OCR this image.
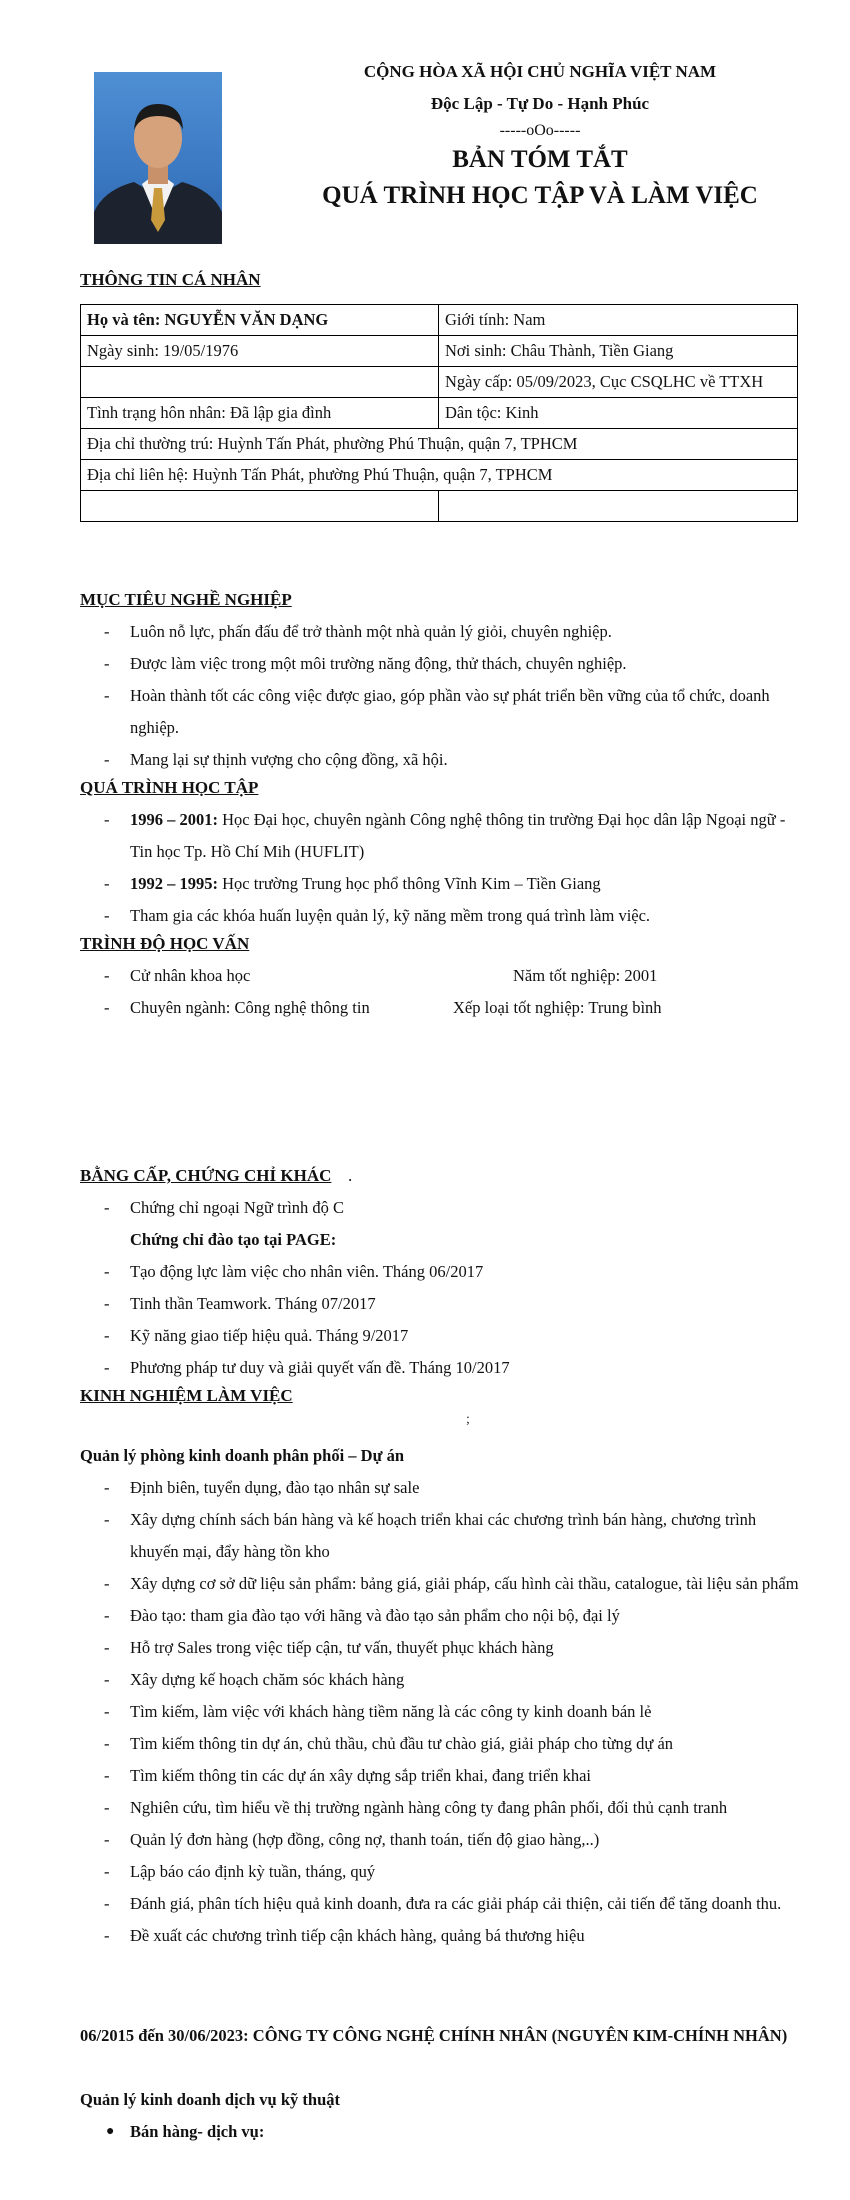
CỘNG HÒA XÃ HỘI CHỦ NGHĨA VIỆT NAM
Độc Lập - Tự Do - Hạnh Phúc
-----oOo-----
BẢN TÓM TẮT
QUÁ TRÌNH HỌC TẬP VÀ LÀM VIỆC
THÔNG TIN CÁ NHÂN
Họ và tên: NGUYỄN VĂN DẠNG	Giới tính: Nam
Ngày sinh: 19/05/1976	Nơi sinh: Châu Thành, Tiền Giang
	Ngày cấp: 05/09/2023, Cục CSQLHC về TTXH
Tình trạng hôn nhân: Đã lập gia đình	Dân tộc: Kinh
Địa chỉ thường trú: Huỳnh Tấn Phát, phường Phú Thuận, quận 7, TPHCM	
Địa chỉ liên hệ: Huỳnh Tấn Phát, phường Phú Thuận, quận 7, TPHCM	

MỤC TIÊU NGHỀ NGHIỆP
- Luôn nỗ lực, phấn đấu để trở thành một nhà quản lý giỏi, chuyên nghiệp.
- Được làm việc trong một môi trường năng động, thử thách, chuyên nghiệp.
- Hoàn thành tốt các công việc được giao, góp phần vào sự phát triển bền vững của tổ chức, doanh nghiệp.
- Mang lại sự thịnh vượng cho cộng đồng, xã hội.
QUÁ TRÌNH HỌC TẬP
- 1996 – 2001: Học Đại học, chuyên ngành Công nghệ thông tin trường Đại học dân lập Ngoại ngữ - Tin học Tp. Hồ Chí Mih (HUFLIT)
- 1992 – 1995: Học trường Trung học phổ thông Vĩnh Kim – Tiền Giang
- Tham gia các khóa huấn luyện quản lý, kỹ năng mềm trong quá trình làm việc.
TRÌNH ĐỘ HỌC VẤN
- Cử nhân khoa học	Năm tốt nghiệp: 2001
- Chuyên ngành: Công nghệ thông tin	Xếp loại tốt nghiệp: Trung bình
BẰNG CẤP, CHỨNG CHỈ KHÁC .
- Chứng chỉ ngoại Ngữ trình độ C
Chứng chỉ đào tạo tại PAGE:
- Tạo động lực làm việc cho nhân viên. Tháng 06/2017
- Tinh thần Teamwork. Tháng 07/2017
- Kỹ năng giao tiếp hiệu quả. Tháng 9/2017
- Phương pháp tư duy và giải quyết vấn đề. Tháng 10/2017
KINH NGHIỆM LÀM VIỆC
;
Quản lý phòng kinh doanh phân phối – Dự án
- Định biên, tuyển dụng, đào tạo nhân sự sale
- Xây dựng chính sách bán hàng và kế hoạch triển khai các chương trình bán hàng, chương trình khuyến mại, đẩy hàng tồn kho
- Xây dựng cơ sở dữ liệu sản phẩm: bảng giá, giải pháp, cấu hình cài thầu, catalogue, tài liệu sản phẩm
- Đào tạo: tham gia đào tạo với hãng và đào tạo sản phẩm cho nội bộ, đại lý
- Hỗ trợ Sales trong việc tiếp cận, tư vấn, thuyết phục khách hàng
- Xây dựng kế hoạch chăm sóc khách hàng
- Tìm kiếm, làm việc với khách hàng tiềm năng là các công ty kinh doanh bán lẻ
- Tìm kiếm thông tin dự án, chủ thầu, chủ đầu tư chào giá, giải pháp cho từng dự án
- Tìm kiếm thông tin các dự án xây dựng sắp triển khai, đang triển khai
- Nghiên cứu, tìm hiểu về thị trường ngành hàng công ty đang phân phối, đối thủ cạnh tranh
- Quản lý đơn hàng (hợp đồng, công nợ, thanh toán, tiến độ giao hàng,..)
- Lập báo cáo định kỳ tuần, tháng, quý
- Đánh giá, phân tích hiệu quả kinh doanh, đưa ra các giải pháp cải thiện, cải tiến để tăng doanh thu.
- Đề xuất các chương trình tiếp cận khách hàng, quảng bá thương hiệu
06/2015 đến 30/06/2023: CÔNG TY CÔNG NGHỆ CHÍNH NHÂN (NGUYÊN KIM-CHÍNH NHÂN)
Quản lý kinh doanh dịch vụ kỹ thuật
● Bán hàng- dịch vụ:
